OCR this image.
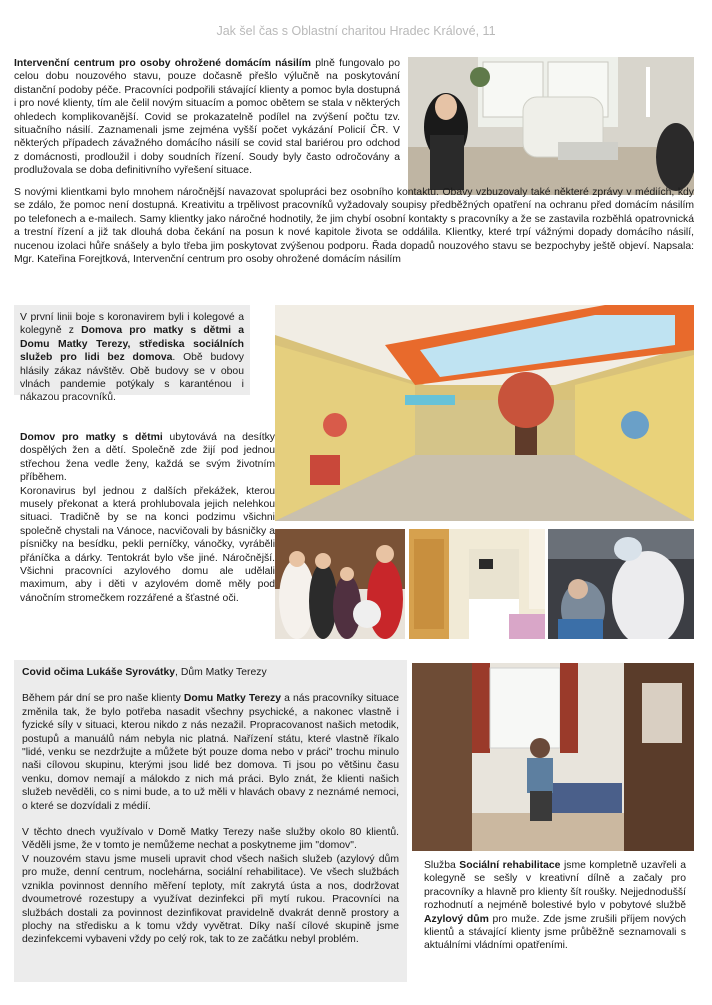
Jak šel čas s Oblastní charitou Hradec Králové, 11
Intervenční centrum pro osoby ohrožené domácím násilím plně fungovalo po celou dobu nouzového stavu, pouze dočasně přešlo výlučně na poskytování distanční podoby péče. Pracovníci podpořili stávající klienty a pomoc byla dostupná i pro nové klienty, tím ale čelil novým situacím a pomoc obětem se stala v některých ohledech komplikovanější. Covid se prokazatelně podílel na zvýšení počtu tzv. situačního násilí. Zaznamenali jsme zejména vyšší počet vykázání Policií ČR. V některých případech závažného domácího násilí se covid stal bariérou pro odchod z domácnosti, prodloužil i doby soudních řízení. Soudy byly často odročovány a prodlužovala se doba definitivního vyřešení situace.
S novými klientkami bylo mnohem náročnější navazovat spolupráci bez osobního kontaktu. Obavy vzbuzovaly také některé zprávy v médiích, kdy se zdálo, že pomoc není dostupná. Kreativitu a trpělivost pracovníků vyžadovaly soupisy předběžných opatření na ochranu před domácím násilím po telefonech a e-mailech. Samy klientky jako náročné hodnotily, že jim chybí osobní kontakty s pracovníky a že se zastavila rozběhlá opatrovnická a trestní řízení a již tak dlouhá doba čekání na posun k nové kapitole života se oddálila. Klientky, které trpí vážnými dopady domácího násilí, nucenou izolaci hůře snášely a bylo třeba jim poskytovat zvýšenou podporu. Řada dopadů nouzového stavu se bezpochyby ještě objeví. Napsala: Mgr. Kateřina Forejtková, Intervenční centrum pro osoby ohrožené domácím násilím
V první linii boje s koronavirem byli i kolegové a kolegyně z Domova pro matky s dětmi a Domu Matky Terezy, střediska sociálních služeb pro lidi bez domova. Obě budovy hlásily zákaz návštěv. Obě budovy se v obou vlnách pandemie potýkaly s karanténou i nákazou pracovníků.

Domov pro matky s dětmi ubytovává na desítky dospělých žen a dětí. Společně zde žijí pod jednou střechou žena vedle ženy, každá se svým životním příběhem.

Koronavirus byl jednou z dalších překážek, kterou musely překonat a která prohlubovala jejich nelehkou situaci. Tradičně by se na konci podzimu všichni společně chystali na Vánoce, nacvičovali by básničky a písničky na besídku, pekli perníčky, vánočky, vyráběli přáníčka a dárky. Tentokrát bylo vše jiné. Náročnější. Všichni pracovníci azylového domu ale udělali maximum, aby i děti v azylovém domě měly pod vánočním stromečkem rozzářené a šťastné oči.

Covid očima Lukáše Syrovátky, Dům Matky Terezy

Během pár dní se pro naše klienty Domu Matky Terezy a nás pracovníky situace změnila tak, že bylo potřeba nasadit všechny psychické, a nakonec vlastně i fyzické síly v situaci, kterou nikdo z nás nezažil. Propracovanost našich metodik, postupů a manuálů nám nebyla nic platná. Nařízení státu, které vlastně říkalo "lidé, venku se nezdržujte a můžete být pouze doma nebo v práci" trochu minulo naši cílovou skupinu, kterými jsou lidé bez domova. Ti jsou po většinu času venku, domov nemají a málokdo z nich má práci. Bylo znát, že klienti našich služeb nevěděli, co s nimi bude, a to už měli v hlavách obavy z neznámé nemoci, o které se dozvídali z médií.

V těchto dnech využívalo v Domě Matky Terezy naše služby okolo 80 klientů. Věděli jsme, že v tomto je nemůžeme nechat a poskytneme jim "domov".

V nouzovém stavu jsme museli upravit chod všech našich služeb (azylový dům pro muže, denní centrum, noclehárna, sociální rehabilitace). Ve všech službách vznikla povinnost denního měření teploty, mít zakrytá ústa a nos, dodržovat dvoumetrové rozestupy a využívat dezinfekci při mytí rukou. Pracovníci na službách dostali za povinnost dezinfikovat pravidelně dvakrát denně prostory a plochy na středisku a k tomu vždy vyvětrat. Díky naší cílové skupině jsme dezinfekcemi vybaveni vždy po celý rok, tak to ze začátku nebyl problém.

Služba Sociální rehabilitace jsme kompletně uzavřeli a kolegyně se sešly v kreativní dílně a začaly pro pracovníky a hlavně pro klienty šít roušky. Nejjednodušší rozhodnutí a nejméně bolestivé bylo v pobytové službě Azylový dům pro muže. Zde jsme zrušili příjem nových klientů a stávající klienty jsme průběžně seznamovali s aktuálními vládními opatřeními.
